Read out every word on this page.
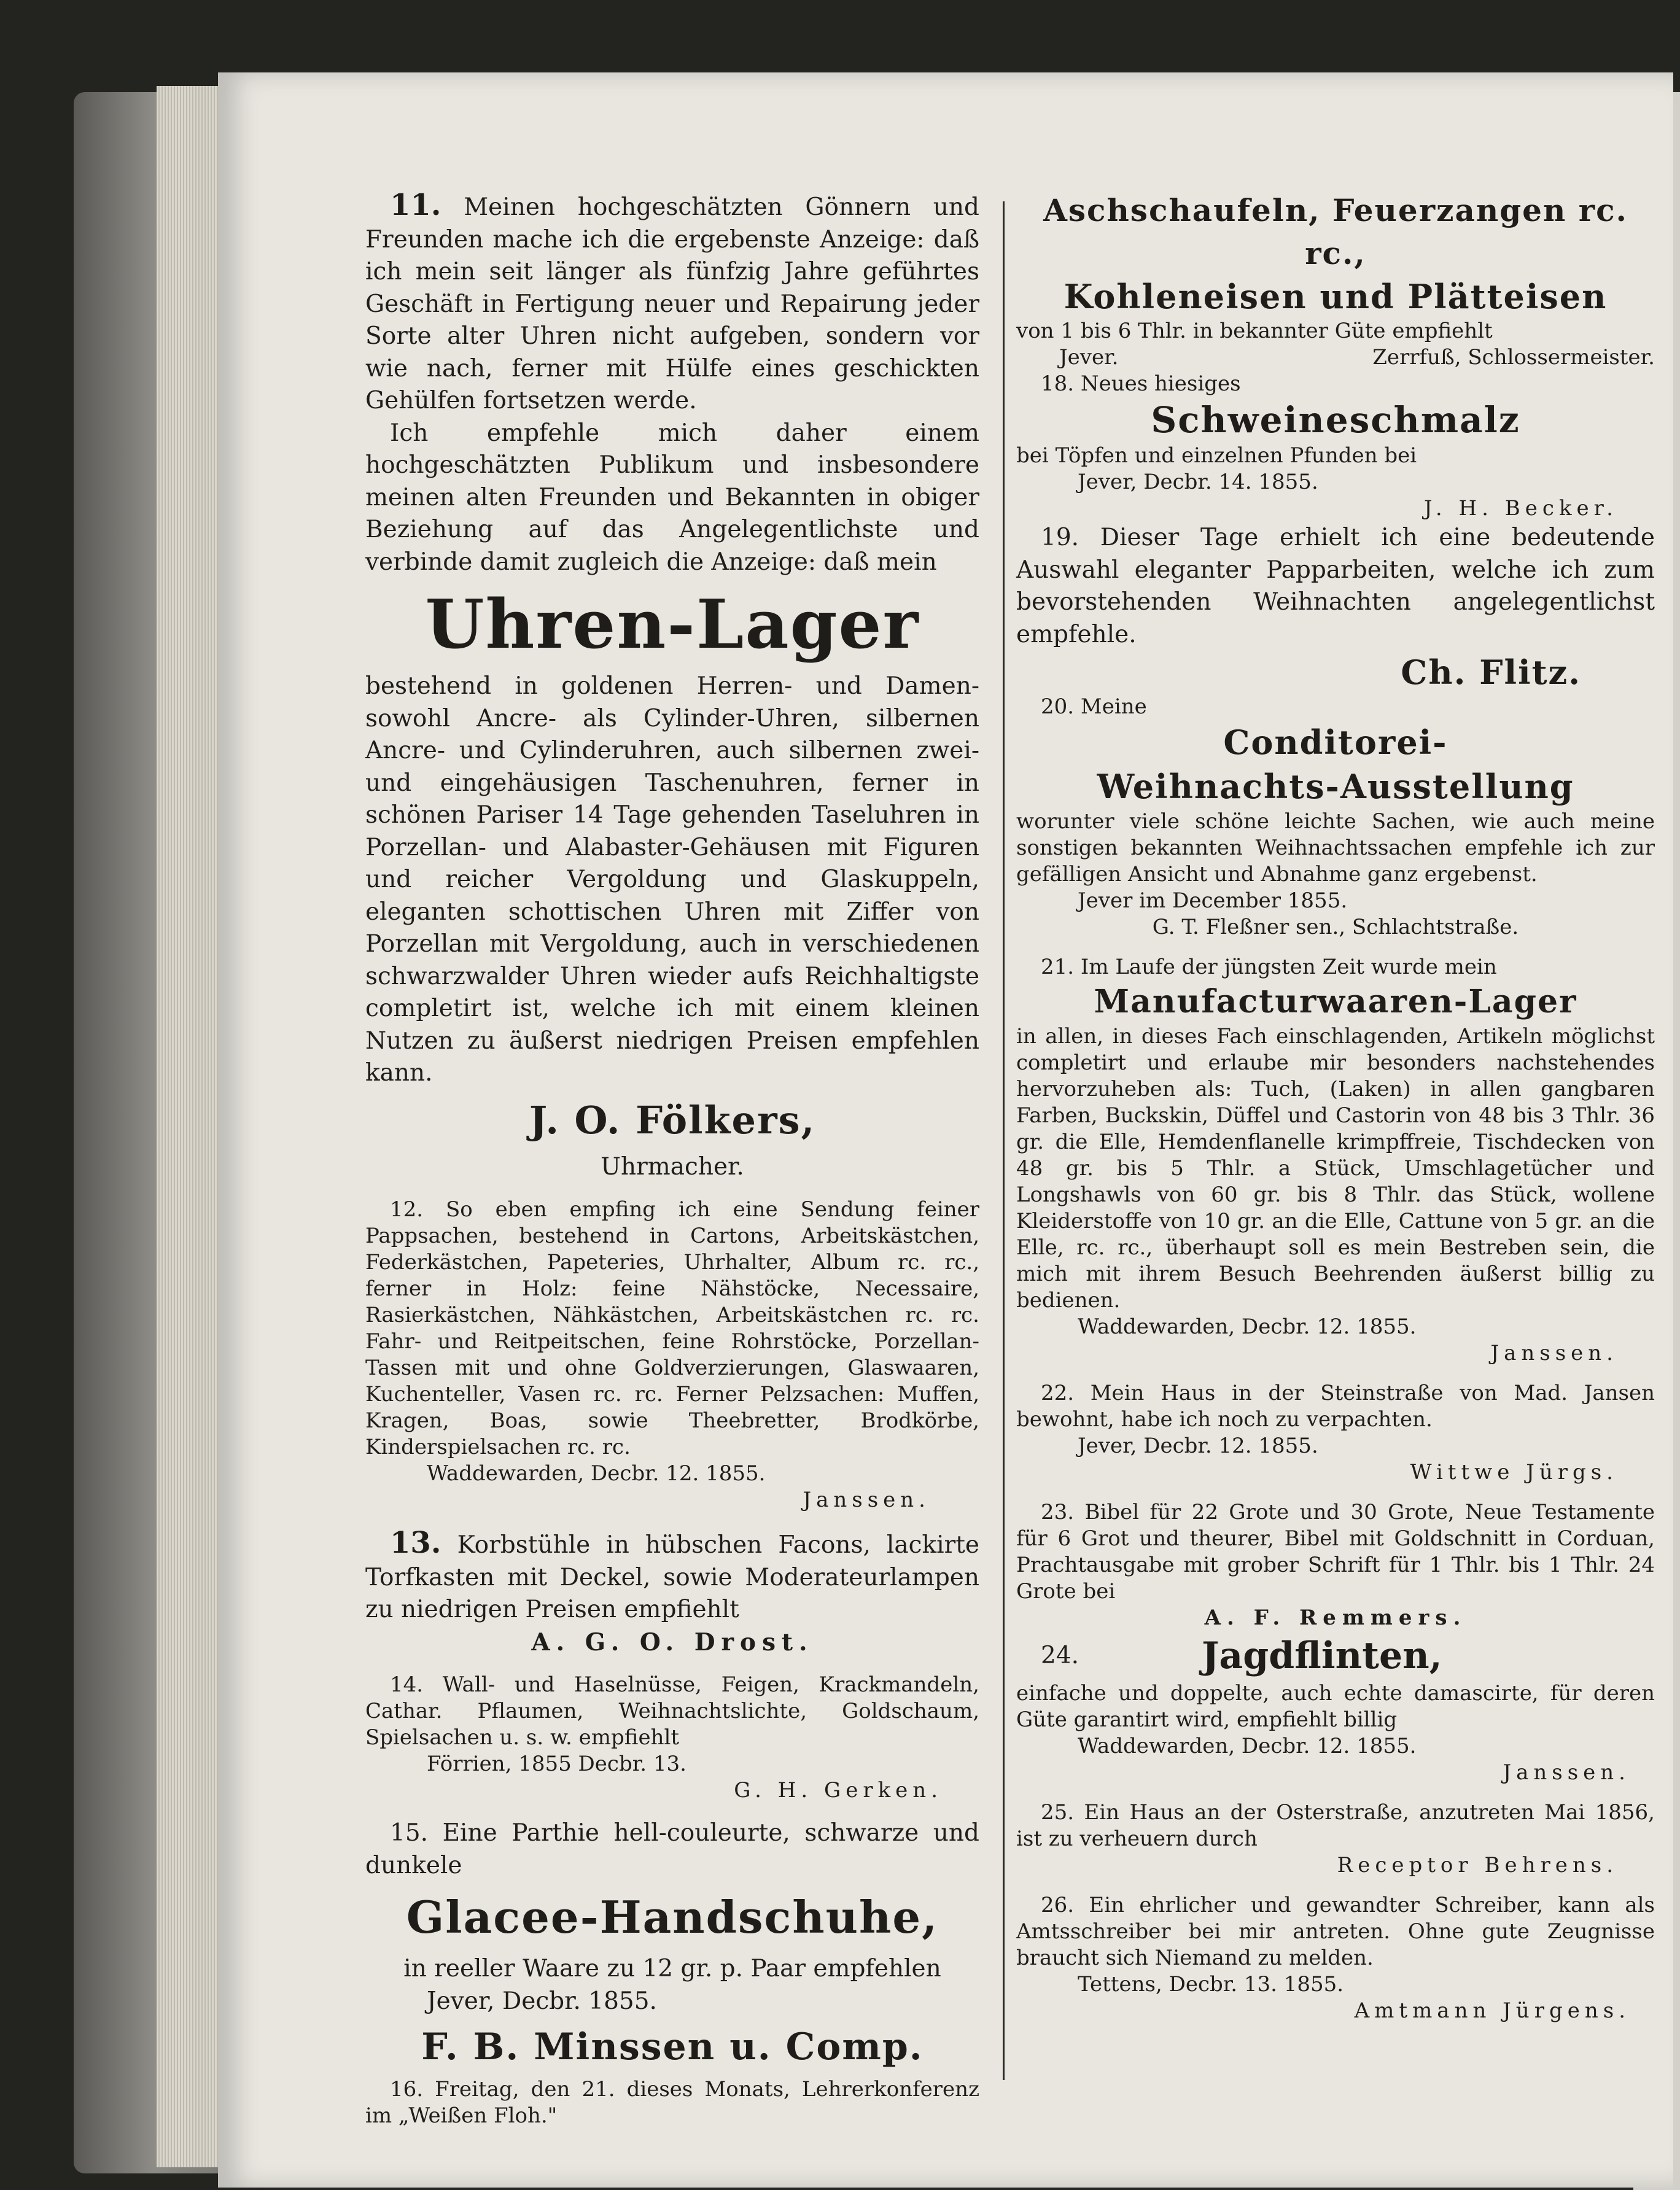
11. Meinen hochgeschätzten Gönnern und Freunden mache ich die ergebenste Anzeige: daß ich mein seit länger als fünfzig Jahre geführtes Geschäft in Fertigung neuer und Repairung jeder Sorte alter Uhren nicht aufgeben, sondern vor wie nach, ferner mit Hülfe eines geschickten Gehülfen fortsetzen werde.

Ich empfehle mich daher einem hochgeschätzten Publikum und insbesondere meinen alten Freunden und Bekannten in obiger Beziehung auf das Angelegentlichste und verbinde damit zugleich die Anzeige: daß mein

Uhren-Lager

bestehend in goldenen Herren- und Damen- sowohl Ancre- als Cylinder-Uhren, silbernen Ancre- und Cylinderuhren, auch silbernen zwei- und eingehäusigen Taschenuhren, ferner in schönen Pariser 14 Tage gehenden Taseluhren in Porzellan- und Alabaster-Gehäusen mit Figuren und reicher Vergoldung und Glaskuppeln, eleganten schottischen Uhren mit Ziffer von Porzellan mit Vergoldung, auch in verschiedenen schwarzwalder Uhren wieder aufs Reichhaltigste completirt ist, welche ich mit einem kleinen Nutzen zu äußerst niedrigen Preisen empfehlen kann.

J. O. Fölkers,

Uhrmacher.

12. So eben empfing ich eine Sendung feiner Pappsachen, bestehend in Cartons, Arbeitskästchen, Federkästchen, Papeteries, Uhrhalter, Album rc. rc., ferner in Holz: feine Nähstöcke, Necessaire, Rasierkästchen, Nähkästchen, Arbeitskästchen rc. rc. Fahr- und Reitpeitschen, feine Rohrstöcke, Porzellan-Tassen mit und ohne Goldverzierungen, Glaswaaren, Kuchenteller, Vasen rc. rc. Ferner Pelzsachen: Muffen, Kragen, Boas, sowie Theebretter, Brodkörbe, Kinderspielsachen rc. rc.

Waddewarden, Decbr. 12. 1855.

Janssen.

13. Korbstühle in hübschen Facons, lackirte Torfkasten mit Deckel, sowie Moderateurlampen zu niedrigen Preisen empfiehlt

A. G. O. Drost.

14. Wall- und Haselnüsse, Feigen, Krackmandeln, Cathar. Pflaumen, Weihnachtslichte, Goldschaum, Spielsachen u. s. w. empfiehlt

Förrien, 1855 Decbr. 13.

G. H. Gerken.

15. Eine Parthie hell-couleurte, schwarze und dunkele

Glacee-Handschuhe,

in reeller Waare zu 12 gr. p. Paar empfehlen

Jever, Decbr. 1855.

F. B. Minssen u. Comp.

16. Freitag, den 21. dieses Monats, Lehrerkonferenz im „Weißen Floh."

Aschschaufeln, Feuerzangen rc. rc.,

Kohleneisen und Plätteisen

von 1 bis 6 Thlr. in bekannter Güte empfiehlt

Jever.	Zerrfuß, Schlossermeister.

18. Neues hiesiges

Schweineschmalz

bei Töpfen und einzelnen Pfunden bei

Jever, Decbr. 14. 1855.

J. H. Becker.

19. Dieser Tage erhielt ich eine bedeutende Auswahl eleganter Papparbeiten, welche ich zum bevorstehenden Weihnachten angelegentlichst empfehle.

Ch. Flitz.

20. Meine

Conditorei-

Weihnachts-Ausstellung

worunter viele schöne leichte Sachen, wie auch meine sonstigen bekannten Weihnachtssachen empfehle ich zur gefälligen Ansicht und Abnahme ganz ergebenst.

Jever im December 1855.

G. T. Fleßner sen., Schlachtstraße.

21. Im Laufe der jüngsten Zeit wurde mein

Manufacturwaaren-Lager

in allen, in dieses Fach einschlagenden, Artikeln möglichst completirt und erlaube mir besonders nachstehendes hervorzuheben als: Tuch, (Laken) in allen gangbaren Farben, Buckskin, Düffel und Castorin von 48 bis 3 Thlr. 36 gr. die Elle, Hemdenflanelle krimpffreie, Tischdecken von 48 gr. bis 5 Thlr. a Stück, Umschlagetücher und Longshawls von 60 gr. bis 8 Thlr. das Stück, wollene Kleiderstoffe von 10 gr. an die Elle, Cattune von 5 gr. an die Elle, rc. rc., überhaupt soll es mein Bestreben sein, die mich mit ihrem Besuch Beehrenden äußerst billig zu bedienen.

Waddewarden, Decbr. 12. 1855.

Janssen.

22. Mein Haus in der Steinstraße von Mad. Jansen bewohnt, habe ich noch zu verpachten.

Jever, Decbr. 12. 1855.

Wittwe Jürgs.

23. Bibel für 22 Grote und 30 Grote, Neue Testamente für 6 Grot und theurer, Bibel mit Goldschnitt in Corduan, Prachtausgabe mit grober Schrift für 1 Thlr. bis 1 Thlr. 24 Grote bei

A. F. Remmers.

24.	Jagdflinten,

einfache und doppelte, auch echte damascirte, für deren Güte garantirt wird, empfiehlt billig

Waddewarden, Decbr. 12. 1855.

Janssen.

25. Ein Haus an der Osterstraße, anzutreten Mai 1856, ist zu verheuern durch

Receptor Behrens.

26. Ein ehrlicher und gewandter Schreiber, kann als Amtsschreiber bei mir antreten. Ohne gute Zeugnisse braucht sich Niemand zu melden.

Tettens, Decbr. 13. 1855.

Amtmann Jürgens.
